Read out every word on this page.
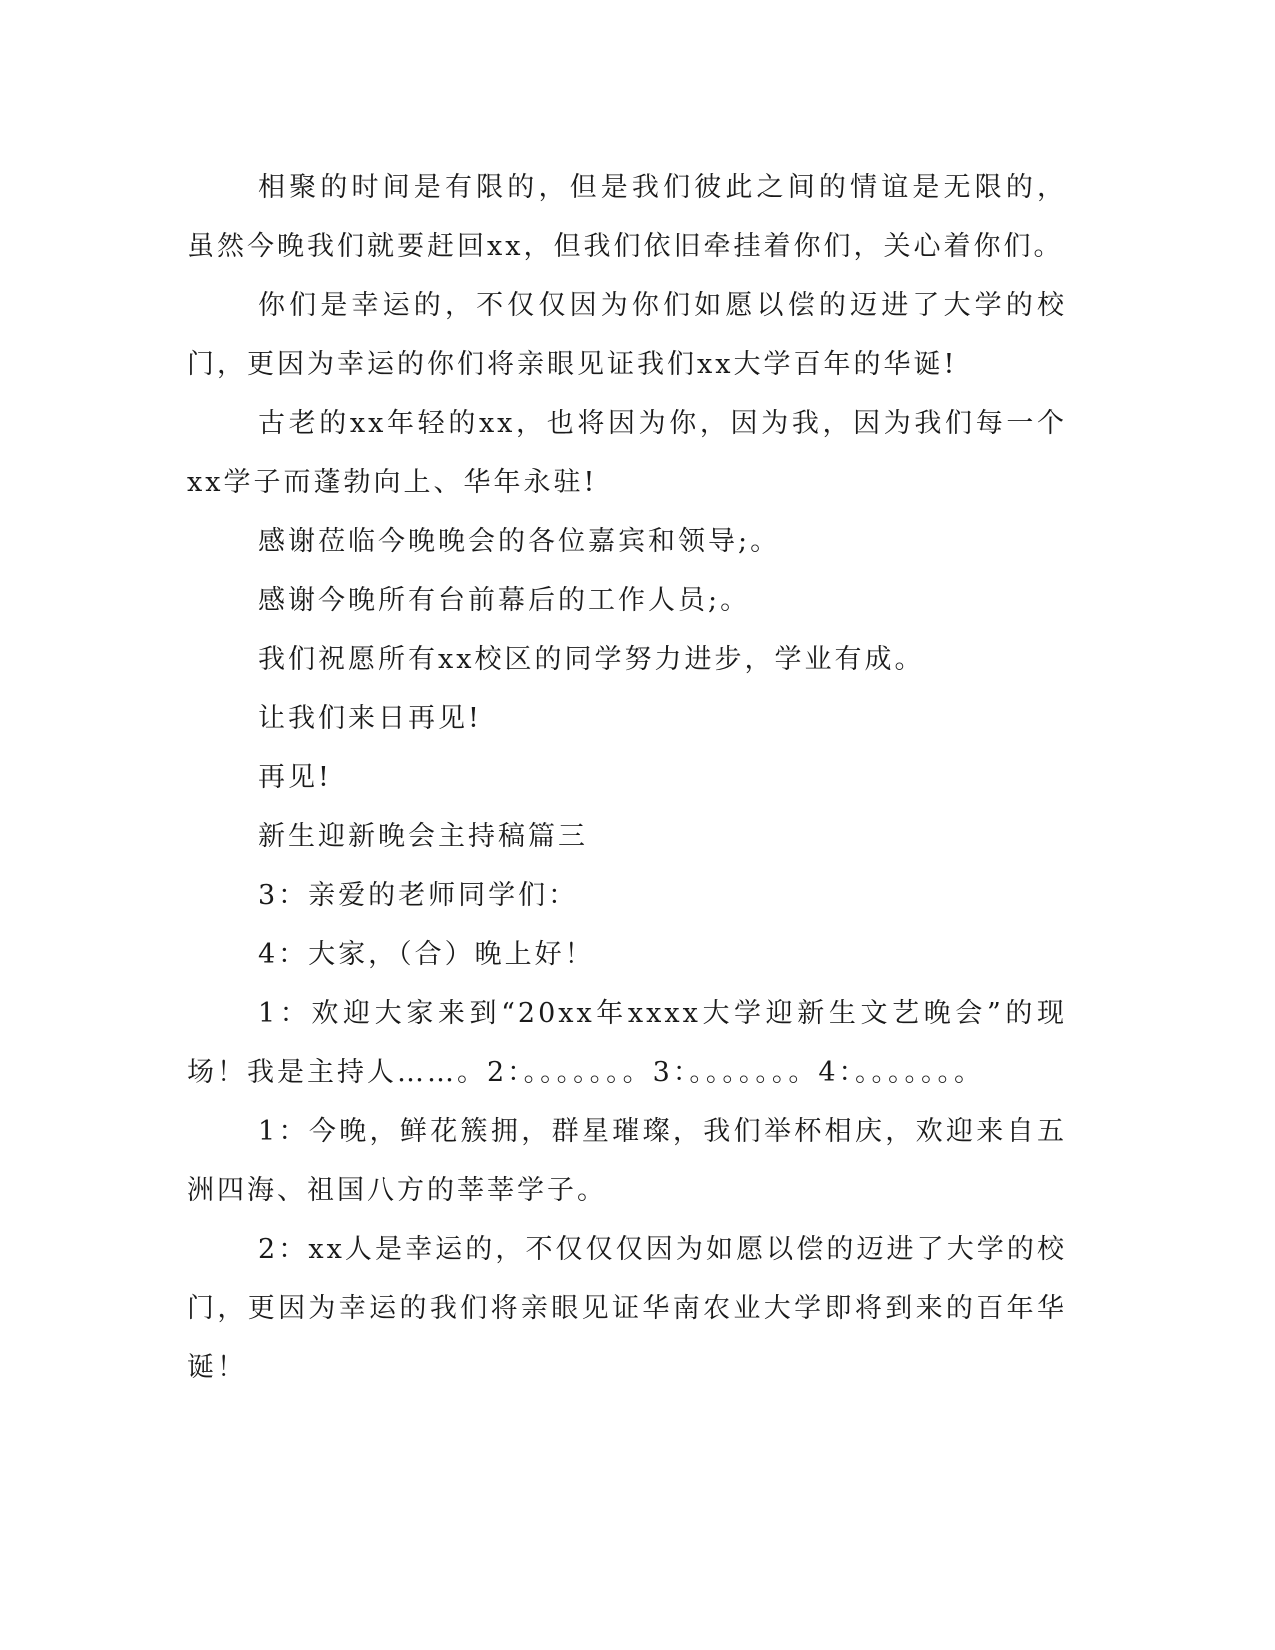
相聚的时间是有限的，但是我们彼此之间的情谊是无限的，虽然今晚我们就要赶回xx，但我们依旧牵挂着你们，关心着你们。

你们是幸运的，不仅仅因为你们如愿以偿的迈进了大学的校门，更因为幸运的你们将亲眼见证我们xx大学百年的华诞!

古老的xx年轻的xx，也将因为你，因为我，因为我们每一个xx学子而蓬勃向上、华年永驻!

感谢莅临今晚晚会的各位嘉宾和领导;。

感谢今晚所有台前幕后的工作人员;。

我们祝愿所有xx校区的同学努力进步，学业有成。

让我们来日再见!

再见!

新生迎新晚会主持稿篇三

3：亲爱的老师同学们：

4：大家，（合）晚上好！

1：欢迎大家来到“20xx年xxxx大学迎新生文艺晚会”的现场！我是主持人……。2：。。。。。。。3：。。。。。。。4：。。。。。。。

1：今晚，鲜花簇拥，群星璀璨，我们举杯相庆，欢迎来自五洲四海、祖国八方的莘莘学子。

2：xx人是幸运的，不仅仅仅因为如愿以偿的迈进了大学的校门，更因为幸运的我们将亲眼见证华南农业大学即将到来的百年华诞！
